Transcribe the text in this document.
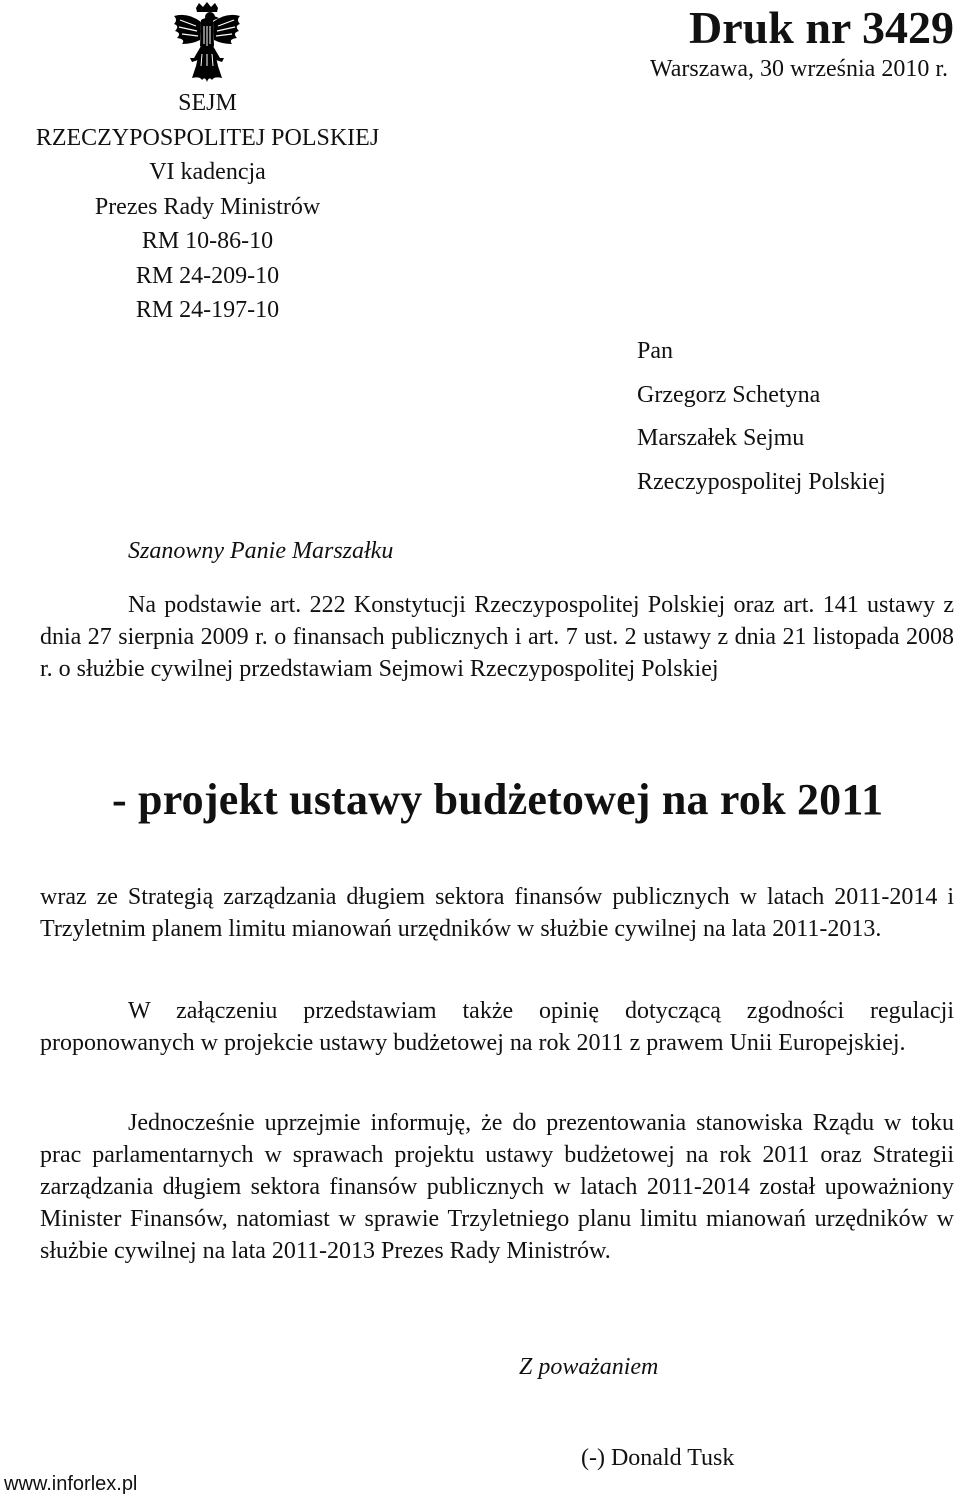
Druk nr 3429
Warszawa, 30 września 2010 r.
SEJM
RZECZYPOSPOLITEJ POLSKIEJ
VI kadencja
Prezes Rady Ministrów
RM 10-86-10
RM 24-209-10
RM 24-197-10
Pan
Grzegorz Schetyna
Marszałek Sejmu
Rzeczypospolitej Polskiej
Szanowny Panie Marszałku
Na podstawie art. 222 Konstytucji Rzeczypospolitej Polskiej oraz art. 141 ustawy z dnia 27 sierpnia 2009 r. o finansach publicznych i art. 7 ust. 2 ustawy z dnia 21 listopada 2008 r. o służbie cywilnej przedstawiam Sejmowi Rzeczypospolitej Polskiej
- projekt ustawy budżetowej na rok 2011
wraz ze Strategią zarządzania długiem sektora finansów publicznych w latach 2011-2014 i Trzyletnim planem limitu mianowań urzędników w służbie cywilnej na lata 2011-2013.
W załączeniu przedstawiam także opinię dotyczącą zgodności regulacji proponowanych w projekcie ustawy budżetowej na rok 2011 z prawem Unii Europejskiej.
Jednocześnie uprzejmie informuję, że do prezentowania stanowiska Rządu w toku prac parlamentarnych w sprawach projektu ustawy budżetowej na rok 2011 oraz Strategii zarządzania długiem sektora finansów publicznych w latach 2011-2014 został upoważniony Minister Finansów, natomiast w sprawie Trzyletniego planu limitu mianowań urzędników w służbie cywilnej na lata 2011-2013 Prezes Rady Ministrów.
Z poważaniem
(-) Donald Tusk
www.inforlex.pl
